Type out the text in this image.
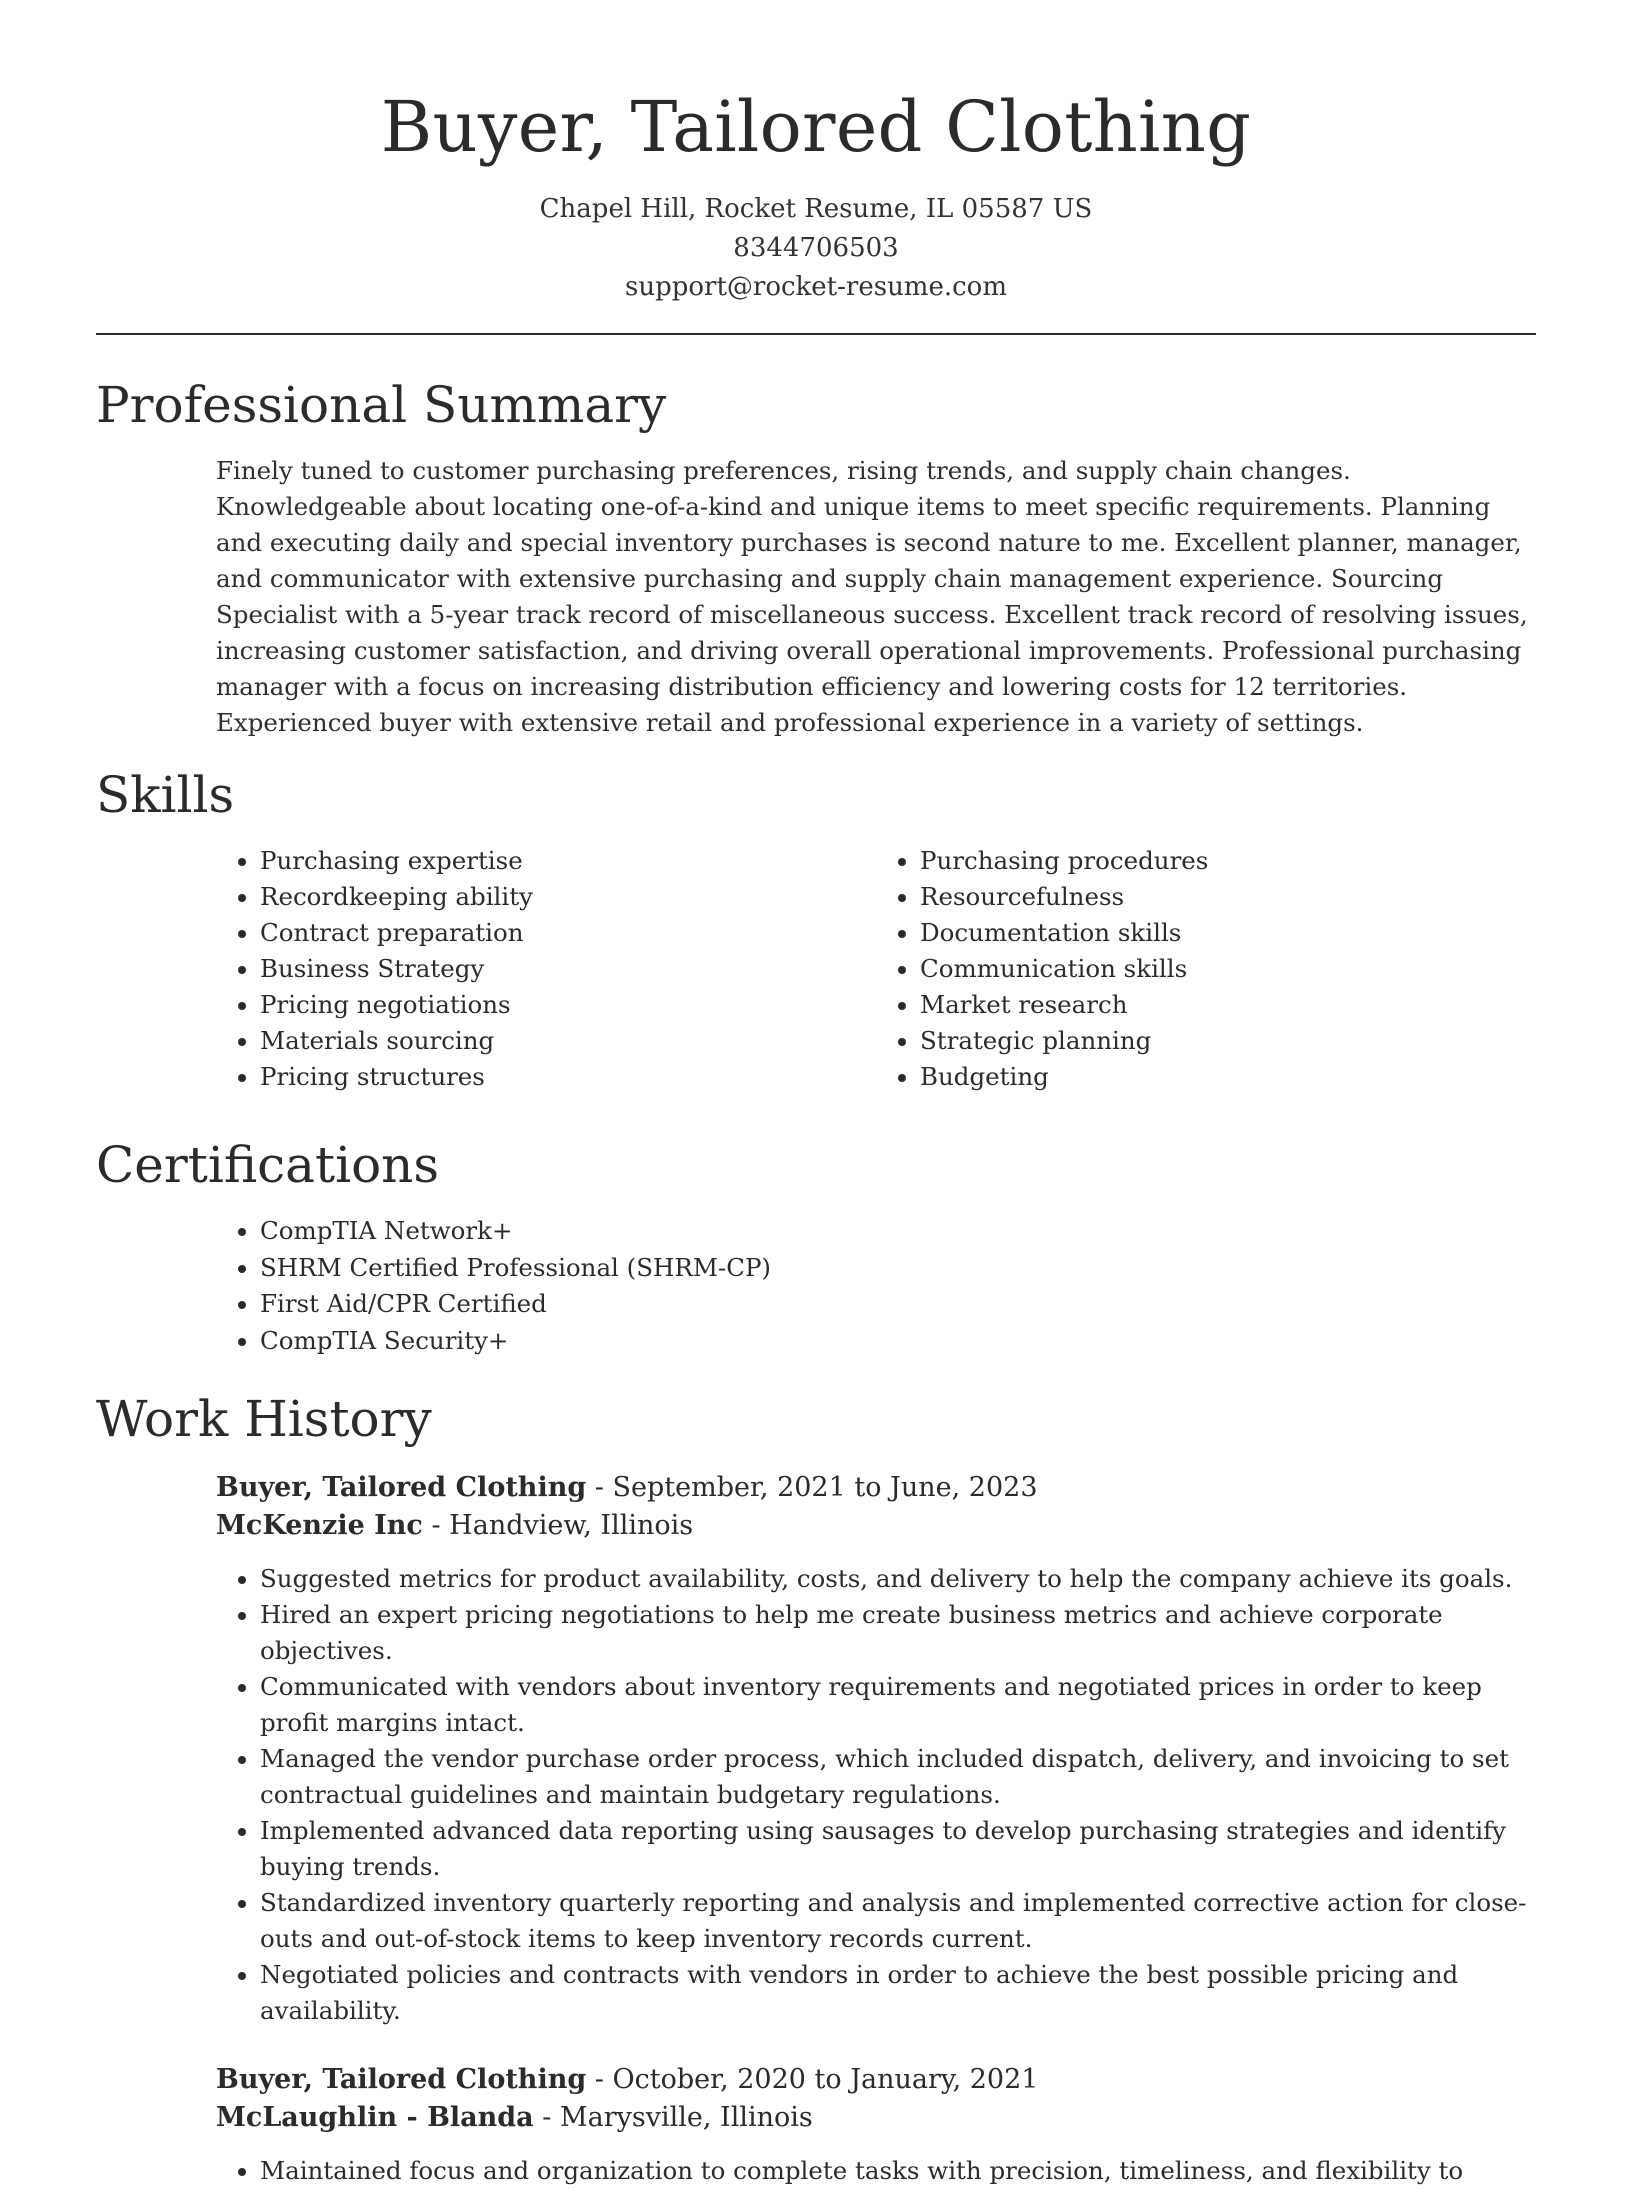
Buyer, Tailored Clothing
Chapel Hill, Rocket Resume, IL 05587 US
8344706503
support@rocket-resume.com
Professional Summary

Finely tuned to customer purchasing preferences, rising trends, and supply chain changes. Knowledgeable about locating one-of-a-kind and unique items to meet specific requirements. Planning and executing daily and special inventory purchases is second nature to me. Excellent planner, manager, and communicator with extensive purchasing and supply chain management experience. Sourcing Specialist with a 5-year track record of miscellaneous success. Excellent track record of resolving issues, increasing customer satisfaction, and driving overall operational improvements. Professional purchasing manager with a focus on increasing distribution efficiency and lowering costs for 12 territories. Experienced buyer with extensive retail and professional experience in a variety of settings.

Skills
• Purchasing expertise
• Recordkeeping ability
• Contract preparation
• Business Strategy
• Pricing negotiations
• Materials sourcing
• Pricing structures
• Purchasing procedures
• Resourcefulness
• Documentation skills
• Communication skills
• Market research
• Strategic planning
• Budgeting
Certifications
• CompTIA Network+
• SHRM Certified Professional (SHRM-CP)
• First Aid/CPR Certified
• CompTIA Security+
Work History
Buyer, Tailored Clothing - September, 2021 to June, 2023
McKenzie Inc - Handview, Illinois
• Suggested metrics for product availability, costs, and delivery to help the company achieve its goals.
• Hired an expert pricing negotiations to help me create business metrics and achieve corporate objectives.
• Communicated with vendors about inventory requirements and negotiated prices in order to keep profit margins intact.
• Managed the vendor purchase order process, which included dispatch, delivery, and invoicing to set contractual guidelines and maintain budgetary regulations.
• Implemented advanced data reporting using sausages to develop purchasing strategies and identify buying trends.
• Standardized inventory quarterly reporting and analysis and implemented corrective action for close-outs and out-of-stock items to keep inventory records current.
• Negotiated policies and contracts with vendors in order to achieve the best possible pricing and availability.
Buyer, Tailored Clothing - October, 2020 to January, 2021
McLaughlin - Blanda - Marysville, Illinois
• Maintained focus and organization to complete tasks with precision, timeliness, and flexibility to
